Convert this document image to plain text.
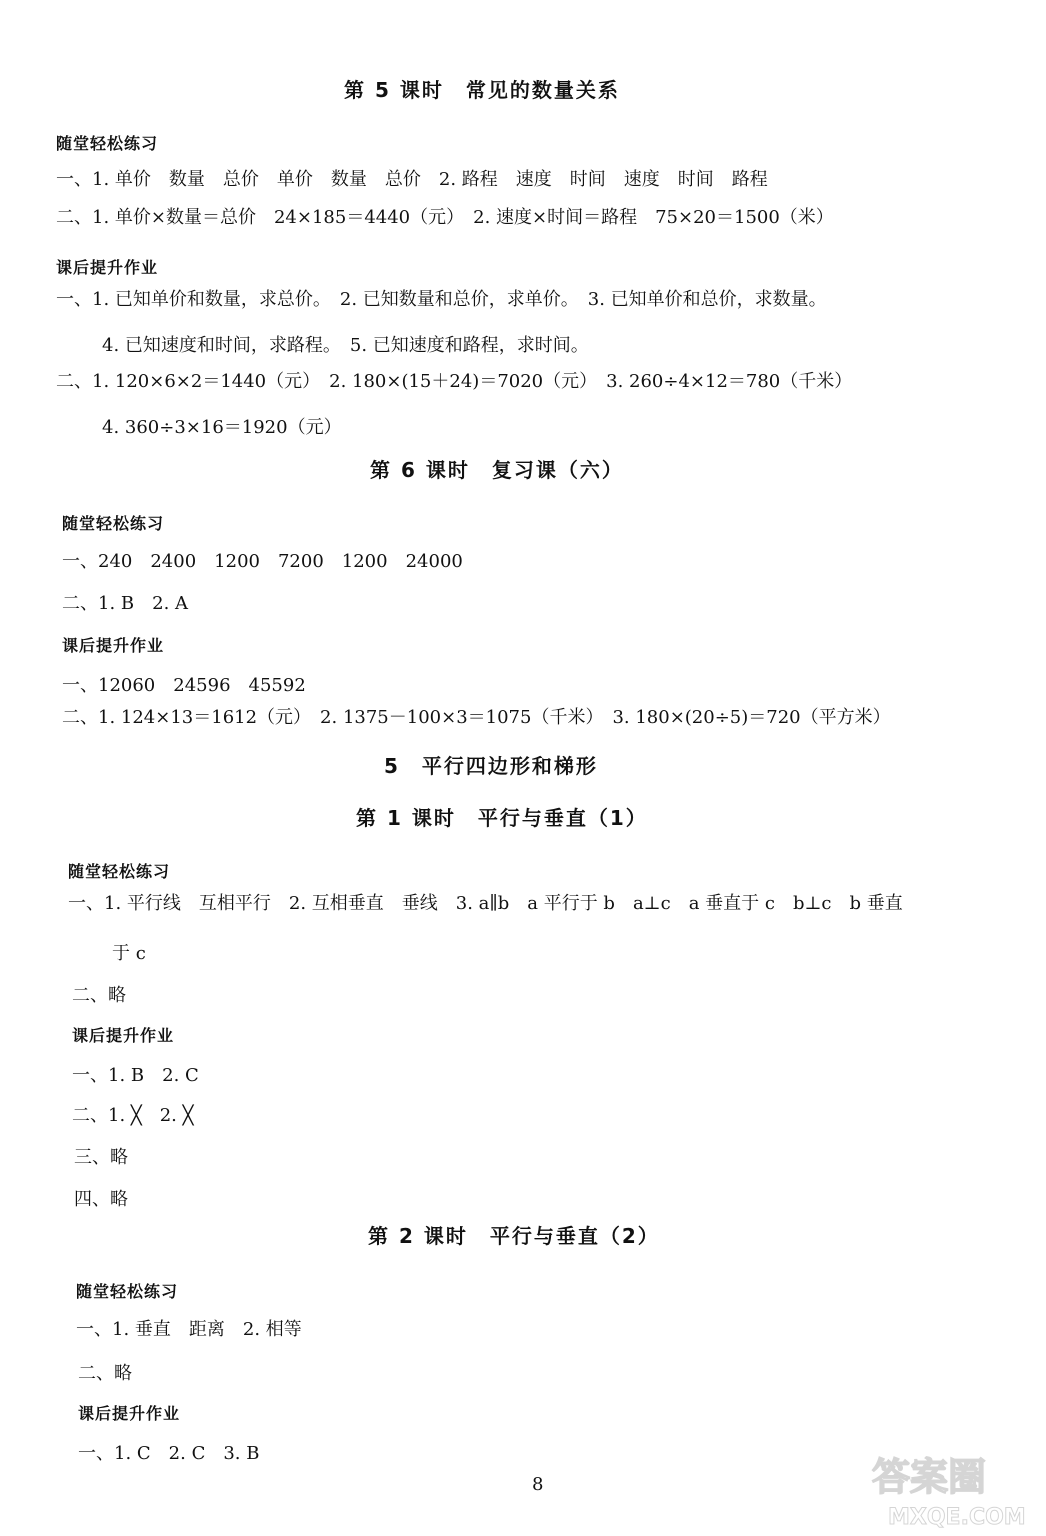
第 5 课时　常见的数量关系
随堂轻松练习
一、1. 单价　数量　总价　单价　数量　总价　2. 路程　速度　时间　速度　时间　路程
二、1. 单价×数量＝总价　24×185＝4440（元）　2. 速度×时间＝路程　75×20＝1500（米）
课后提升作业
一、1. 已知单价和数量，求总价。　2. 已知数量和总价，求单价。　3. 已知单价和总价，求数量。
4. 已知速度和时间，求路程。　5. 已知速度和路程，求时间。
二、1. 120×6×2＝1440（元）　2. 180×(15＋24)＝7020（元）　3. 260÷4×12＝780（千米）
4. 360÷3×16＝1920（元）
第 6 课时　复习课（六）
随堂轻松练习
一、240　2400　1200　7200　1200　24000
二、1. B　2. A
课后提升作业
一、12060　24596　45592
二、1. 124×13＝1612（元）　2. 1375－100×3＝1075（千米）　3. 180×(20÷5)＝720（平方米）
5　平行四边形和梯形
第 1 课时　平行与垂直（1）
随堂轻松练习
一、1. 平行线　互相平行　2. 互相垂直　垂线　3. a∥b　a 平行于 b　a⊥c　a 垂直于 c　b⊥c　b 垂直
于 c
二、略
课后提升作业
一、1. B　2. C
二、1. ╳　2. ╳
三、略
四、略
第 2 课时　平行与垂直（2）
随堂轻松练习
一、1. 垂直　距离　2. 相等
二、略
课后提升作业
一、1. C　2. C　3. B
8	答案圈
MXQE.COM
